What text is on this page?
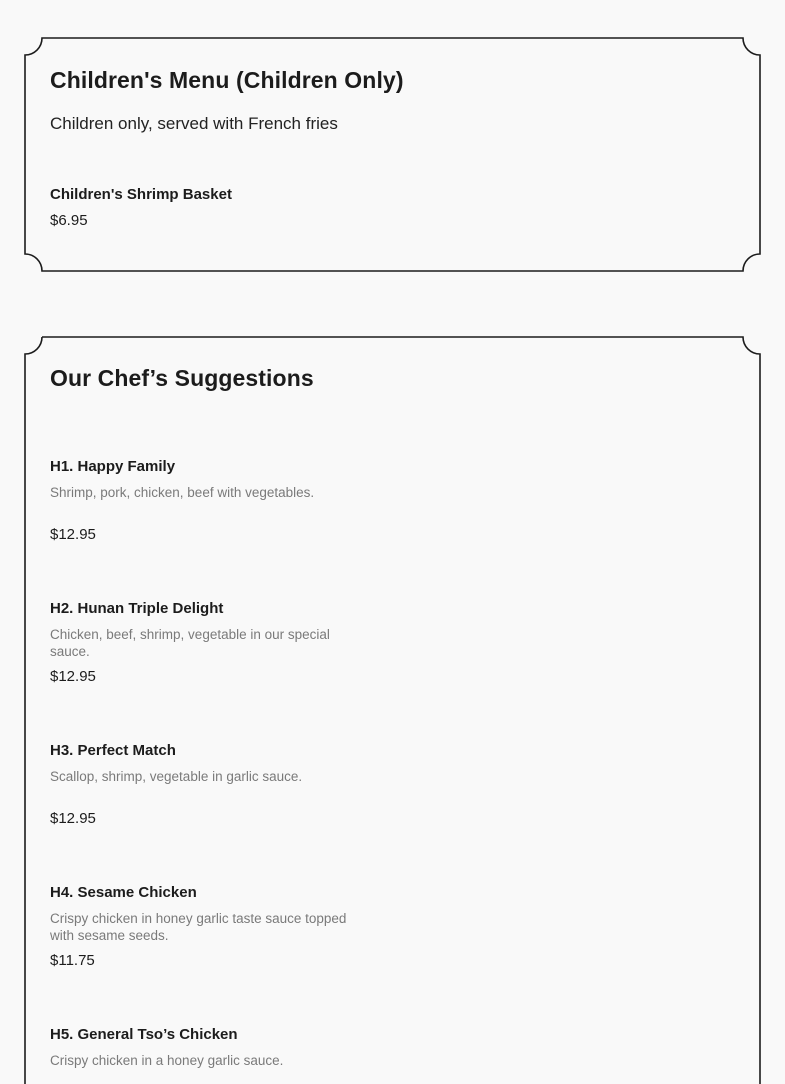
Children's Menu (Children Only)
Children only, served with French fries
Children's Shrimp Basket
$6.95
Our Chef’s Suggestions
H1. Happy Family
Shrimp, pork, chicken, beef with vegetables.
$12.95
H2. Hunan Triple Delight
Chicken, beef, shrimp, vegetable in our special sauce.
$12.95
H3. Perfect Match
Scallop, shrimp, vegetable in garlic sauce.
$12.95
H4. Sesame Chicken
Crispy chicken in honey garlic taste sauce topped with sesame seeds.
$11.75
H5. General Tso’s Chicken
Crispy chicken in a honey garlic sauce.
